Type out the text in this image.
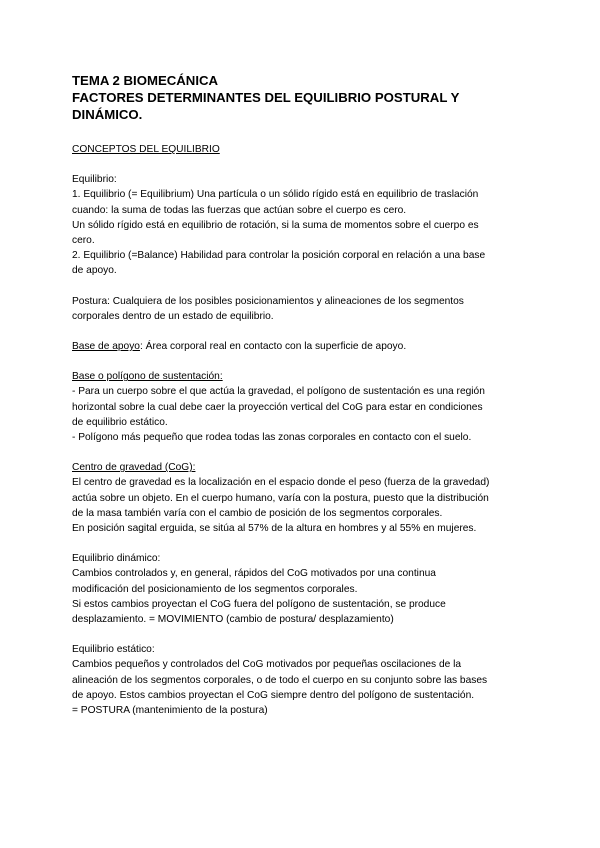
TEMA 2 BIOMECÁNICA

FACTORES DETERMINANTES DEL EQUILIBRIO POSTURAL Y

DINÁMICO.

CONCEPTOS DEL EQUILIBRIO

Equilibrio:

1. Equilibrio (= Equilibrium) Una partícula o un sólido rígido está en equilibrio de traslación

cuando: la suma de todas las fuerzas que actúan sobre el cuerpo es cero.

Un sólido rígido está en equilibrio de rotación, si la suma de momentos sobre el cuerpo es

cero.

2. Equilibrio (=Balance) Habilidad para controlar la posición corporal en relación a una base

de apoyo.

Postura: Cualquiera de los posibles posicionamientos y alineaciones de los segmentos

corporales dentro de un estado de equilibrio.

Base de apoyo: Área corporal real en contacto con la superficie de apoyo.

Base o polígono de sustentación:

- Para un cuerpo sobre el que actúa la gravedad, el polígono de sustentación es una región

horizontal sobre la cual debe caer la proyección vertical del CoG para estar en condiciones

de equilibrio estático.

- Polígono más pequeño que rodea todas las zonas corporales en contacto con el suelo.

Centro de gravedad (CoG):

El centro de gravedad es la localización en el espacio donde el peso (fuerza de la gravedad)

actúa sobre un objeto. En el cuerpo humano, varía con la postura, puesto que la distribución

de la masa también varía con el cambio de posición de los segmentos corporales.

En posición sagital erguida, se sitúa al 57% de la altura en hombres y al 55% en mujeres.

Equilibrio dinámico:

Cambios controlados y, en general, rápidos del CoG motivados por una continua

modificación del posicionamiento de los segmentos corporales.

Si estos cambios proyectan el CoG fuera del polígono de sustentación, se produce

desplazamiento. = MOVIMIENTO (cambio de postura/ desplazamiento)

Equilibrio estático:

Cambios pequeños y controlados del CoG motivados por pequeñas oscilaciones de la

alineación de los segmentos corporales, o de todo el cuerpo en su conjunto sobre las bases

de apoyo. Estos cambios proyectan el CoG siempre dentro del polígono de sustentación.

= POSTURA (mantenimiento de la postura)
